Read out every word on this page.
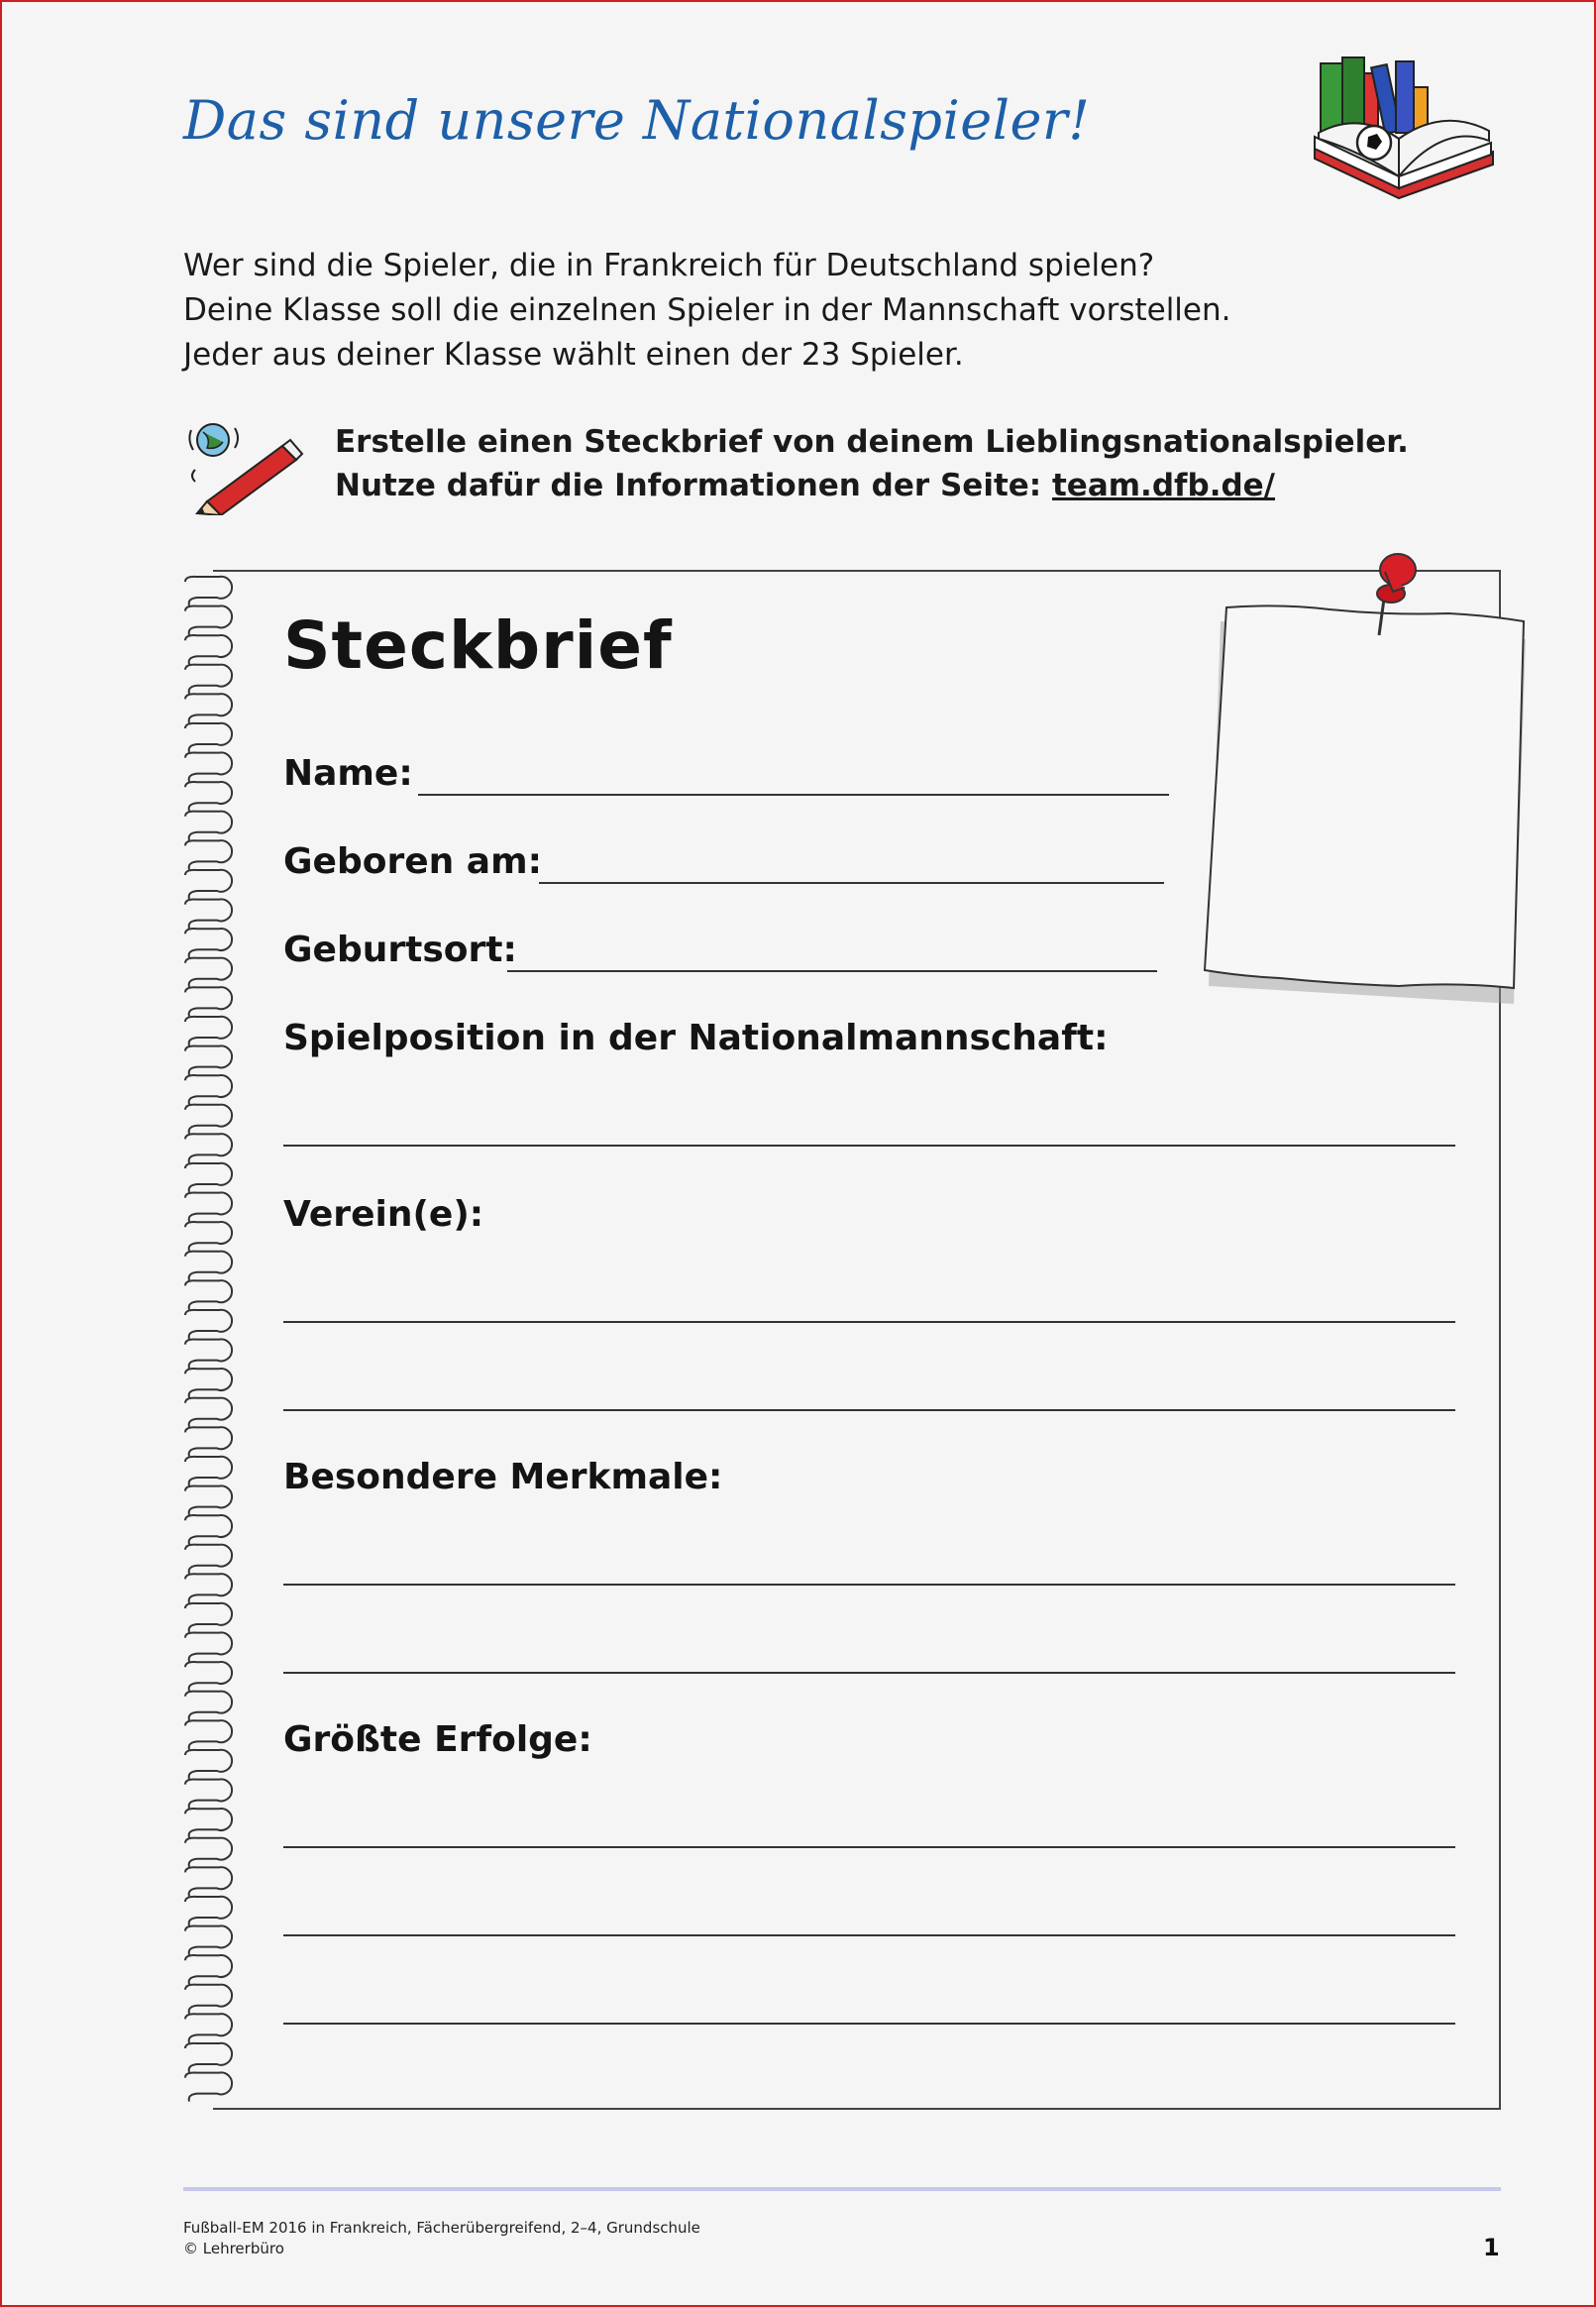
Das sind unsere Nationalspieler!
Wer sind die Spieler, die in Frankreich für Deutschland spielen?
Deine Klasse soll die einzelnen Spieler in der Mannschaft vorstellen.
Jeder aus deiner Klasse wählt einen der 23 Spieler.
Erstelle einen Steckbrief von deinem Lieblingsnationalspieler.
Nutze dafür die Informationen der Seite: team.dfb.de/
Steckbrief
Name:
Geboren am:
Geburtsort:
Spielposition in der Nationalmannschaft:
Verein(e):
Besondere Merkmale:
Größte Erfolge:
Fußball-EM 2016 in Frankreich, Fächerübergreifend, 2–4, Grundschule
© Lehrerbüro	1
